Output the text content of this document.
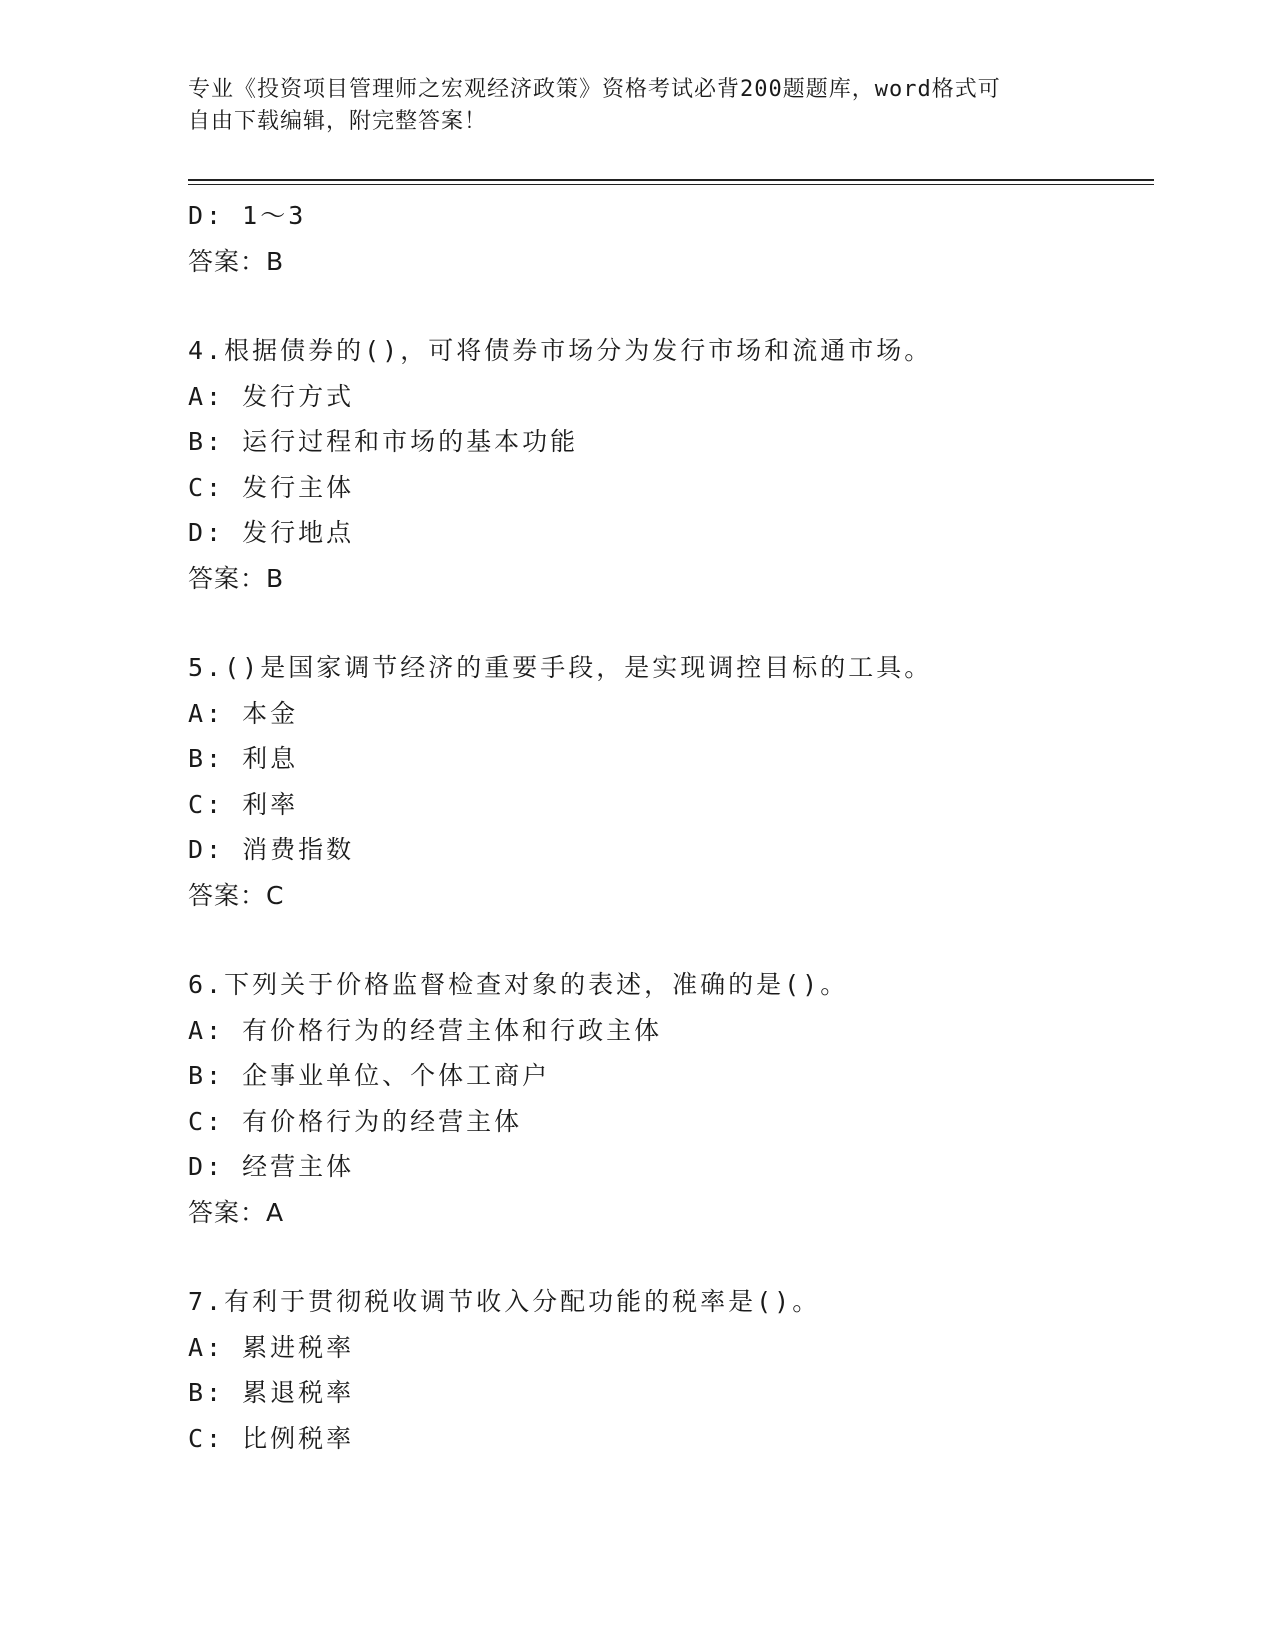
专业《投资项目管理师之宏观经济政策》资格考试必背200题题库，word格式可
自由下载编辑，附完整答案！
D: 1～3
答案：B
4.根据债券的()，可将债券市场分为发行市场和流通市场。
A: 发行方式
B: 运行过程和市场的基本功能
C: 发行主体
D: 发行地点
答案：B
5.()是国家调节经济的重要手段，是实现调控目标的工具。
A: 本金
B: 利息
C: 利率
D: 消费指数
答案：C
6.下列关于价格监督检查对象的表述，准确的是()。
A: 有价格行为的经营主体和行政主体
B: 企事业单位、个体工商户
C: 有价格行为的经营主体
D: 经营主体
答案：A
7.有利于贯彻税收调节收入分配功能的税率是()。
A: 累进税率
B: 累退税率
C: 比例税率
